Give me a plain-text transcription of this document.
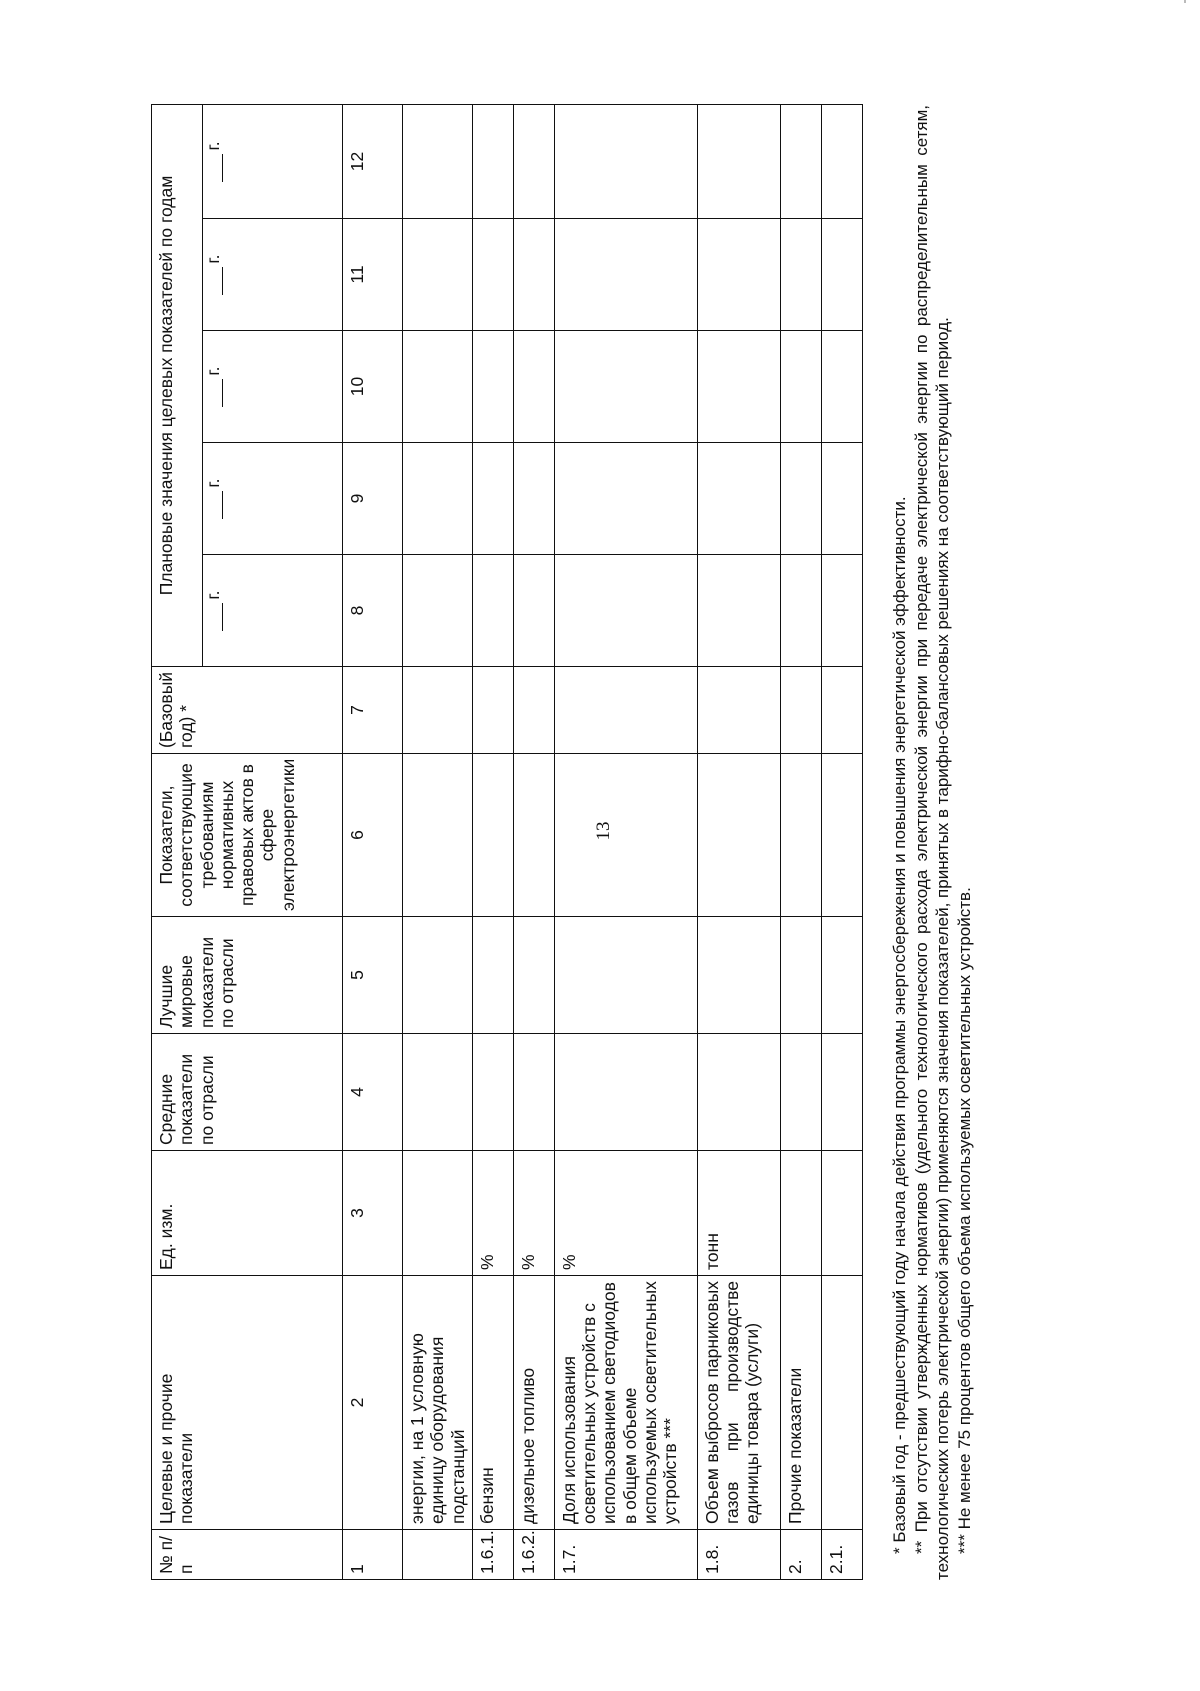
13
№ п/п	Целевые и прочие показатели	Ед. изм.	Средние показатели по отрасли	Лучшие мировые показатели по отрасли	Показатели, соответствующие требованиям нормативных правовых актов в сфере электроэнергетики	(Базовый год) *	Плановые значения целевых показателей по годам				

							г.	г.	г.	г.	г.

1	2	3	4	5	6	7	8	9	10	11	12
	энергии, на 1 условную единицу оборудования подстанций										
1.6.1.	бензин	%									
1.6.2.	дизельное топливо	%									
1.7.	Доля использования осветительных устройств с использованием светодиодов в общем объеме используемых осветительных устройств ***	%									
1.8.	Объем выбросов парниковых газов при производстве единицы товара (услуги)	тонн									
2.	Прочие показатели										
2.1.											

* Базовый год - предшествующий году начала действия программы энергосбережения и повышения энергетической эффективности. ** При отсутствии утвержденных нормативов (удельного технологического расхода электрической энергии при передаче электрической энергии по распределительным сетям, технологических потерь электрической энергии) применяются значения показателей, принятых в тарифно-балансовых решениях на соответствующий период. *** Не менее 75 процентов общего объема используемых осветительных устройств.
